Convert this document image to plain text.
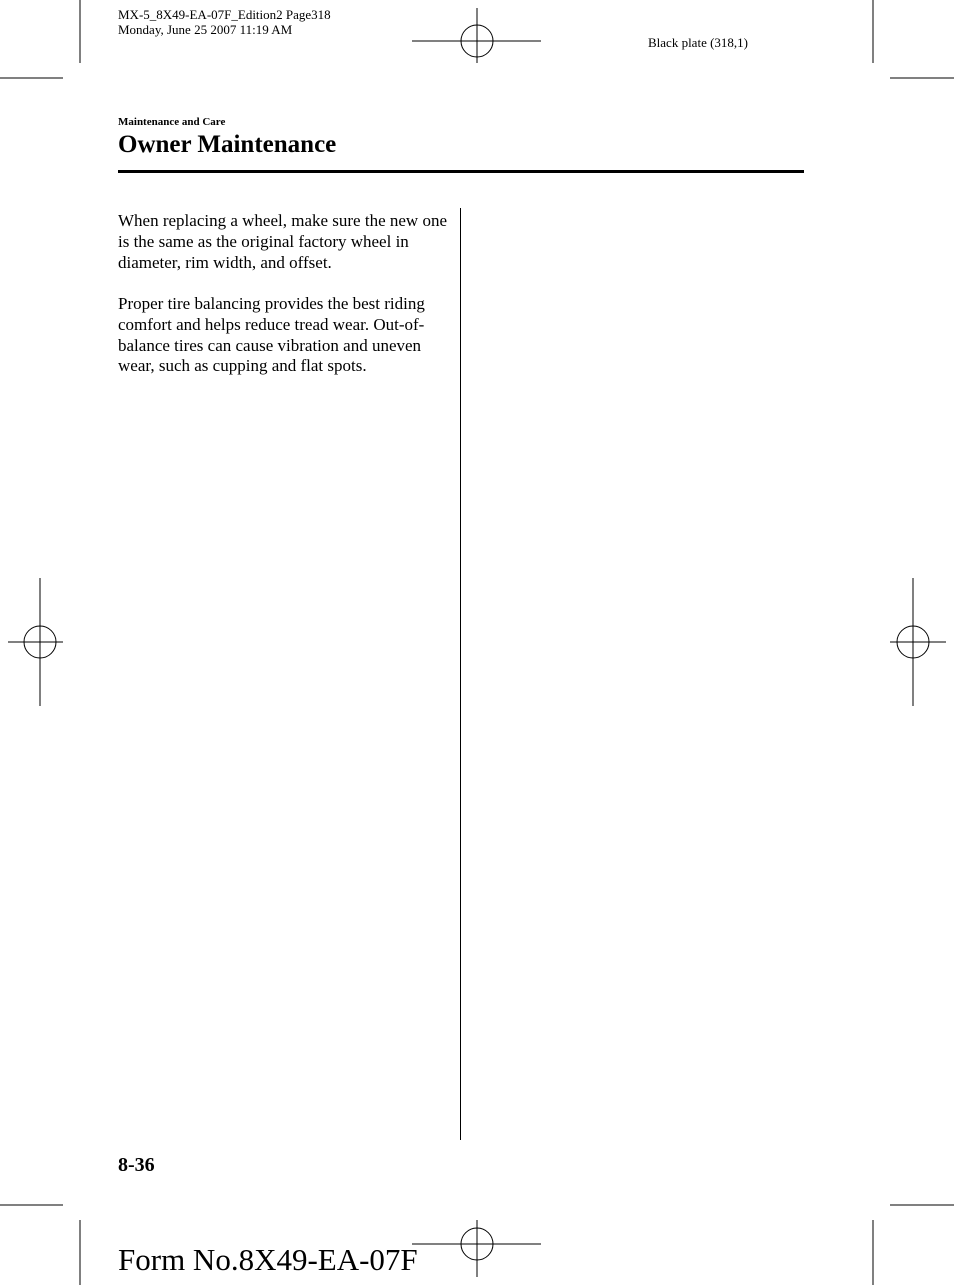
MX-5_8X49-EA-07F_Edition2 Page318
Monday, June 25 2007 11:19 AM
Black plate (318,1)
Maintenance and Care
Owner Maintenance
When replacing a wheel, make sure the new one is the same as the original factory wheel in diameter, rim width, and offset.
Proper tire balancing provides the best riding comfort and helps reduce tread wear. Out-of-balance tires can cause vibration and uneven wear, such as cupping and flat spots.
8-36
Form No.8X49-EA-07F
